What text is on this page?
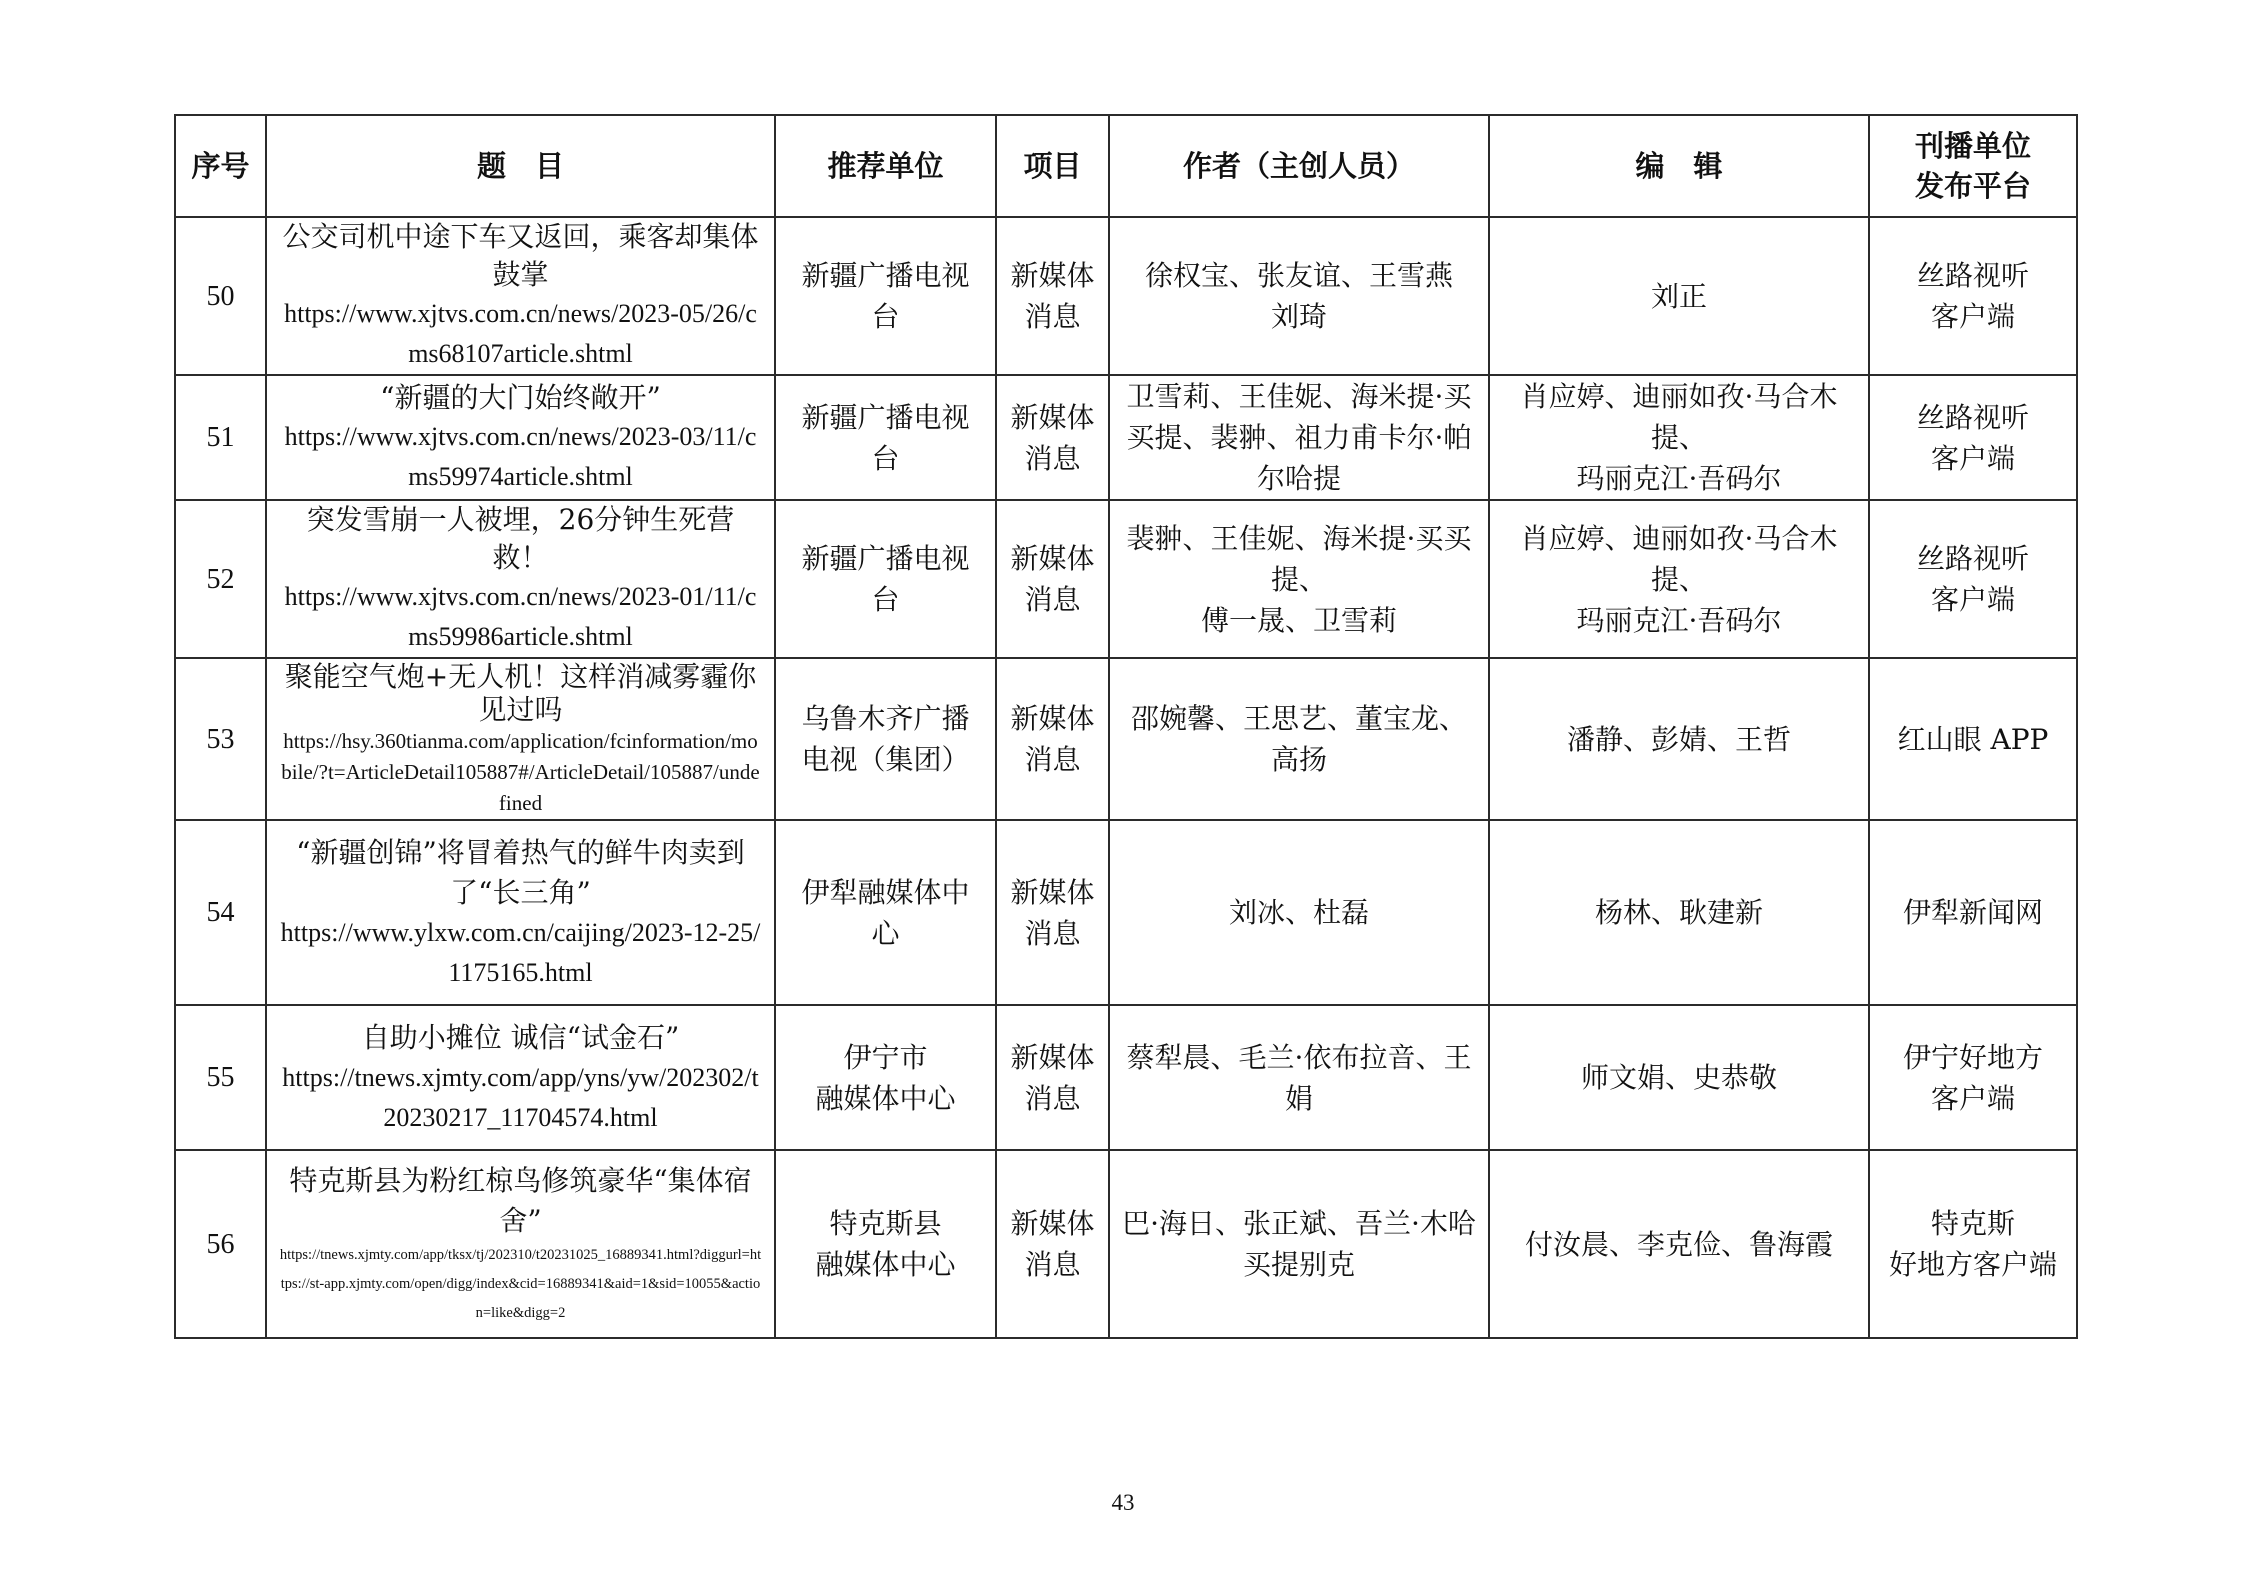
序号	题　目	推荐单位	项目	作者（主创人员）	编　辑	刊播单位
发布平台

50	公交司机中途下车又返回，乘客却集体鼓掌
https://www.xjtvs.com.cn/news/2023-05/26/cms68107article.shtml	新疆广播电视台	新媒体
消息	徐权宝、张友谊、王雪燕
刘琦	刘正	丝路视听
客户端

51	“新疆的大门始终敞开”
https://www.xjtvs.com.cn/news/2023-03/11/cms59974article.shtml	新疆广播电视台	新媒体
消息	卫雪莉、王佳妮、海米提·买买提、裴翀、祖力甫卡尔·帕尔哈提	肖应婷、迪丽如孜·马合木提、
玛丽克江·吾码尔	丝路视听
客户端

52	突发雪崩一人被埋，26分钟生死营救！
https://www.xjtvs.com.cn/news/2023-01/11/cms59986article.shtml	新疆广播电视台	新媒体
消息	裴翀、王佳妮、海米提·买买提、
傅一晟、卫雪莉	肖应婷、迪丽如孜·马合木提、
玛丽克江·吾码尔	丝路视听
客户端

53	聚能空气炮+无人机！这样消减雾霾你见过吗
https://hsy.360tianma.com/application/fcinformation/mobile/?t=ArticleDetail105887#/ArticleDetail/105887/undefined	乌鲁木齐广播电视（集团）	新媒体
消息	邵婉馨、王思艺、董宝龙、高扬	潘静、彭婧、王哲	红山眼 APP

54	“新疆创锦”将冒着热气的鲜牛肉卖到了“长三角”
https://www.ylxw.com.cn/caijing/2023-12-25/1175165.html	伊犁融媒体中心	新媒体
消息	刘冰、杜磊	杨林、耿建新	伊犁新闻网

55	自助小摊位 诚信“试金石”
https://tnews.xjmty.com/app/yns/yw/202302/t20230217_11704574.html	伊宁市
融媒体中心	新媒体
消息	蔡犁晨、毛兰·依布拉音、王娟	师文娟、史恭敬	伊宁好地方
客户端

56	特克斯县为粉红椋鸟修筑豪华“集体宿舍”
https://tnews.xjmty.com/app/tksx/tj/202310/t20231025_16889341.html?diggurl=https://st-app.xjmty.com/open/digg/index&cid=16889341&aid=1&sid=10055&action=like&digg=2	特克斯县
融媒体中心	新媒体
消息	巴·海日、张正斌、吾兰·木哈买提别克	付汝晨、李克俭、鲁海霞	特克斯
好地方客户端
43
